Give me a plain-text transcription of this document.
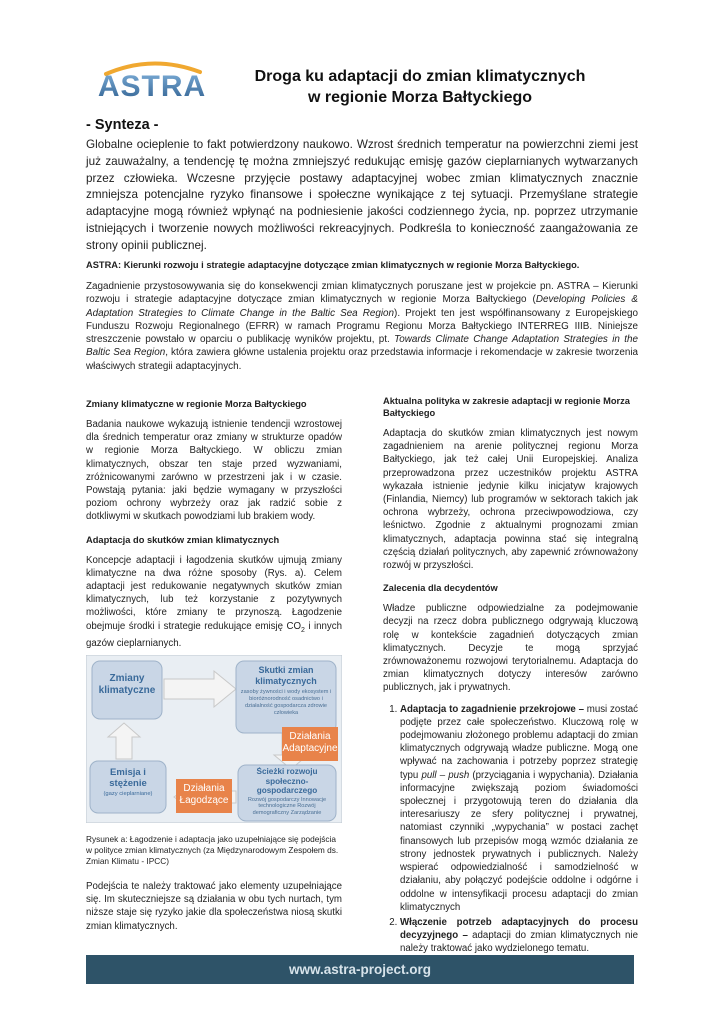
ASTRA	Droga ku adaptacji do zmian klimatycznych
w regionie Morza Bałtyckiego
- Synteza -
Globalne ocieplenie to fakt potwierdzony naukowo. Wzrost średnich temperatur na powierzchni ziemi jest już zauważalny, a tendencję tę można zmniejszyć redukując emisję gazów cieplarnianych wytwarzanych przez człowieka. Wczesne przyjęcie postawy adaptacyjnej wobec zmian klimatycznych znacznie zmniejsza potencjalne ryzyko finansowe i społeczne wynikające z tej sytuacji. Przemyślane strategie adaptacyjne mogą również wpłynąć na podniesienie jakości codziennego życia, np. poprzez utrzymanie istniejących i tworzenie nowych możliwości rekreacyjnych. Podkreśla to konieczność zaangażowania ze strony opinii publicznej.
ASTRA: Kierunki rozwoju i strategie adaptacyjne dotyczące zmian klimatycznych w regionie Morza Bałtyckiego.
Zagadnienie przystosowywania się do konsekwencji zmian klimatycznych poruszane jest w projekcie pn. ASTRA – Kierunki rozwoju i strategie adaptacyjne dotyczące zmian klimatycznych w regionie Morza Bałtyckiego (Developing Policies & Adaptation Strategies to Climate Change in the Baltic Sea Region). Projekt ten jest współfinansowany z Europejskiego Funduszu Rozwoju Regionalnego (EFRR) w ramach Programu Regionu Morza Bałtyckiego INTERREG IIIB. Niniejsze streszczenie powstało w oparciu o publikację wyników projektu, pt. Towards Climate Change Adaptation Strategies in the Baltic Sea Region, która zawiera główne ustalenia projektu oraz przedstawia informacje i rekomendacje w zakresie tworzenia właściwych strategii adaptacyjnych.

Zmiany klimatyczne w regionie Morza Bałtyckiego

Badania naukowe wykazują istnienie tendencji wzrostowej dla średnich temperatur oraz zmiany w strukturze opadów w regionie Morza Bałtyckiego. W obliczu zmian klimatycznych, obszar ten staje przed wyzwaniami, zróżnicowanymi zarówno w przestrzeni jak i w czasie. Powstają pytania: jaki będzie wymagany w przyszłości poziom ochrony wybrzeży oraz jak radzić sobie z dotkliwymi w skutkach powodziami lub brakiem wody.

Adaptacja do skutków zmian klimatycznych

Koncepcje adaptacji i łagodzenia skutków ujmują zmiany klimatyczne na dwa różne sposoby (Rys. a). Celem adaptacji jest redukowanie negatywnych skutków zmian klimatycznych, lub też korzystanie z pozytywnych możliwości, które zmiany te przynoszą. Łagodzenie obejmuje środki i strategie redukujące emisję $CO_2$ i innych gazów cieplarnianych.

Zmiany klimatyczne
Skutki zmian klimatycznych
zasoby żywności i wody ekosystem i bioróżnorodność osadnictwo i działalność gospodarcza zdrowie człowieka
Działania Adaptacyjne
Emisja i stężenie
(gazy cieplarniane)	Działania Łagodzące
Ścieżki rozwoju społeczno-gospodarczego
Rozwój gospodarczy Innowacje technologiczne Rozwój demograficzny Zarządzanie
Rysunek a: Łagodzenie i adaptacja jako uzupełniające się podejścia w polityce zmian klimatycznych (za Międzynarodowym Zespołem ds. Zmian Klimatu - IPCC)
Podejścia te należy traktować jako elementy uzupełniające się. Im skuteczniejsze są działania w obu tych nurtach, tym niższe staje się ryzyko jakie dla społeczeństwa niosą skutki zmian klimatycznych.

Aktualna polityka w zakresie adaptacji w regionie Morza Bałtyckiego

Adaptacja do skutków zmian klimatycznych jest nowym zagadnieniem na arenie politycznej regionu Morza Bałtyckiego, jak też całej Unii Europejskiej. Analiza przeprowadzona przez uczestników projektu ASTRA wykazała istnienie jedynie kilku inicjatyw krajowych (Finlandia, Niemcy) lub programów w sektorach takich jak ochrona wybrzeży, ochrona przeciwpowodziowa, czy leśnictwo. Zgodnie z aktualnymi prognozami zmian klimatycznych, adaptacja powinna stać się integralną częścią działań politycznych, aby zapewnić zrównoważony rozwój w przyszłości.

Zalecenia dla decydentów

Władze publiczne odpowiedzialne za podejmowanie decyzji na rzecz dobra publicznego odgrywają kluczową rolę w kontekście zagadnień dotyczących zmian klimatycznych. Decyzje te mogą sprzyjać zrównoważonemu rozwojowi terytorialnemu. Adaptacja do zmian klimatycznych dotyczy interesów zarówno publicznych, jak i prywatnych.

1. Adaptacja to zagadnienie przekrojowe – musi zostać podjęte przez całe społeczeństwo. Kluczową rolę w podejmowaniu złożonego problemu adaptacji do zmian klimatycznych odgrywają władze publiczne. Mogą one wpływać na zachowania i potrzeby poprzez strategię typu pull – push (przyciągania i wypychania). Działania informacyjne zwiększają poziom świadomości społecznej i przygotowują teren do działania dla interesariuszy ze sfery politycznej i prywatnej, natomiast czynniki „wypychania” w postaci zachęt finansowych lub przepisów mogą wzmóc działania ze strony jednostek prywatnych i publicznych. Należy wspierać odpowiedzialność i samodzielność w działaniu, aby połączyć podejście oddolne i odgórne i oddolne w intensyfikacji procesu adaptacji do zmian klimatycznych
2. Włączenie potrzeb adaptacyjnych do procesu decyzyjnego – adaptacji do zmian klimatycznych nie należy traktować jako wydzielonego tematu.
www.astra-project.org
